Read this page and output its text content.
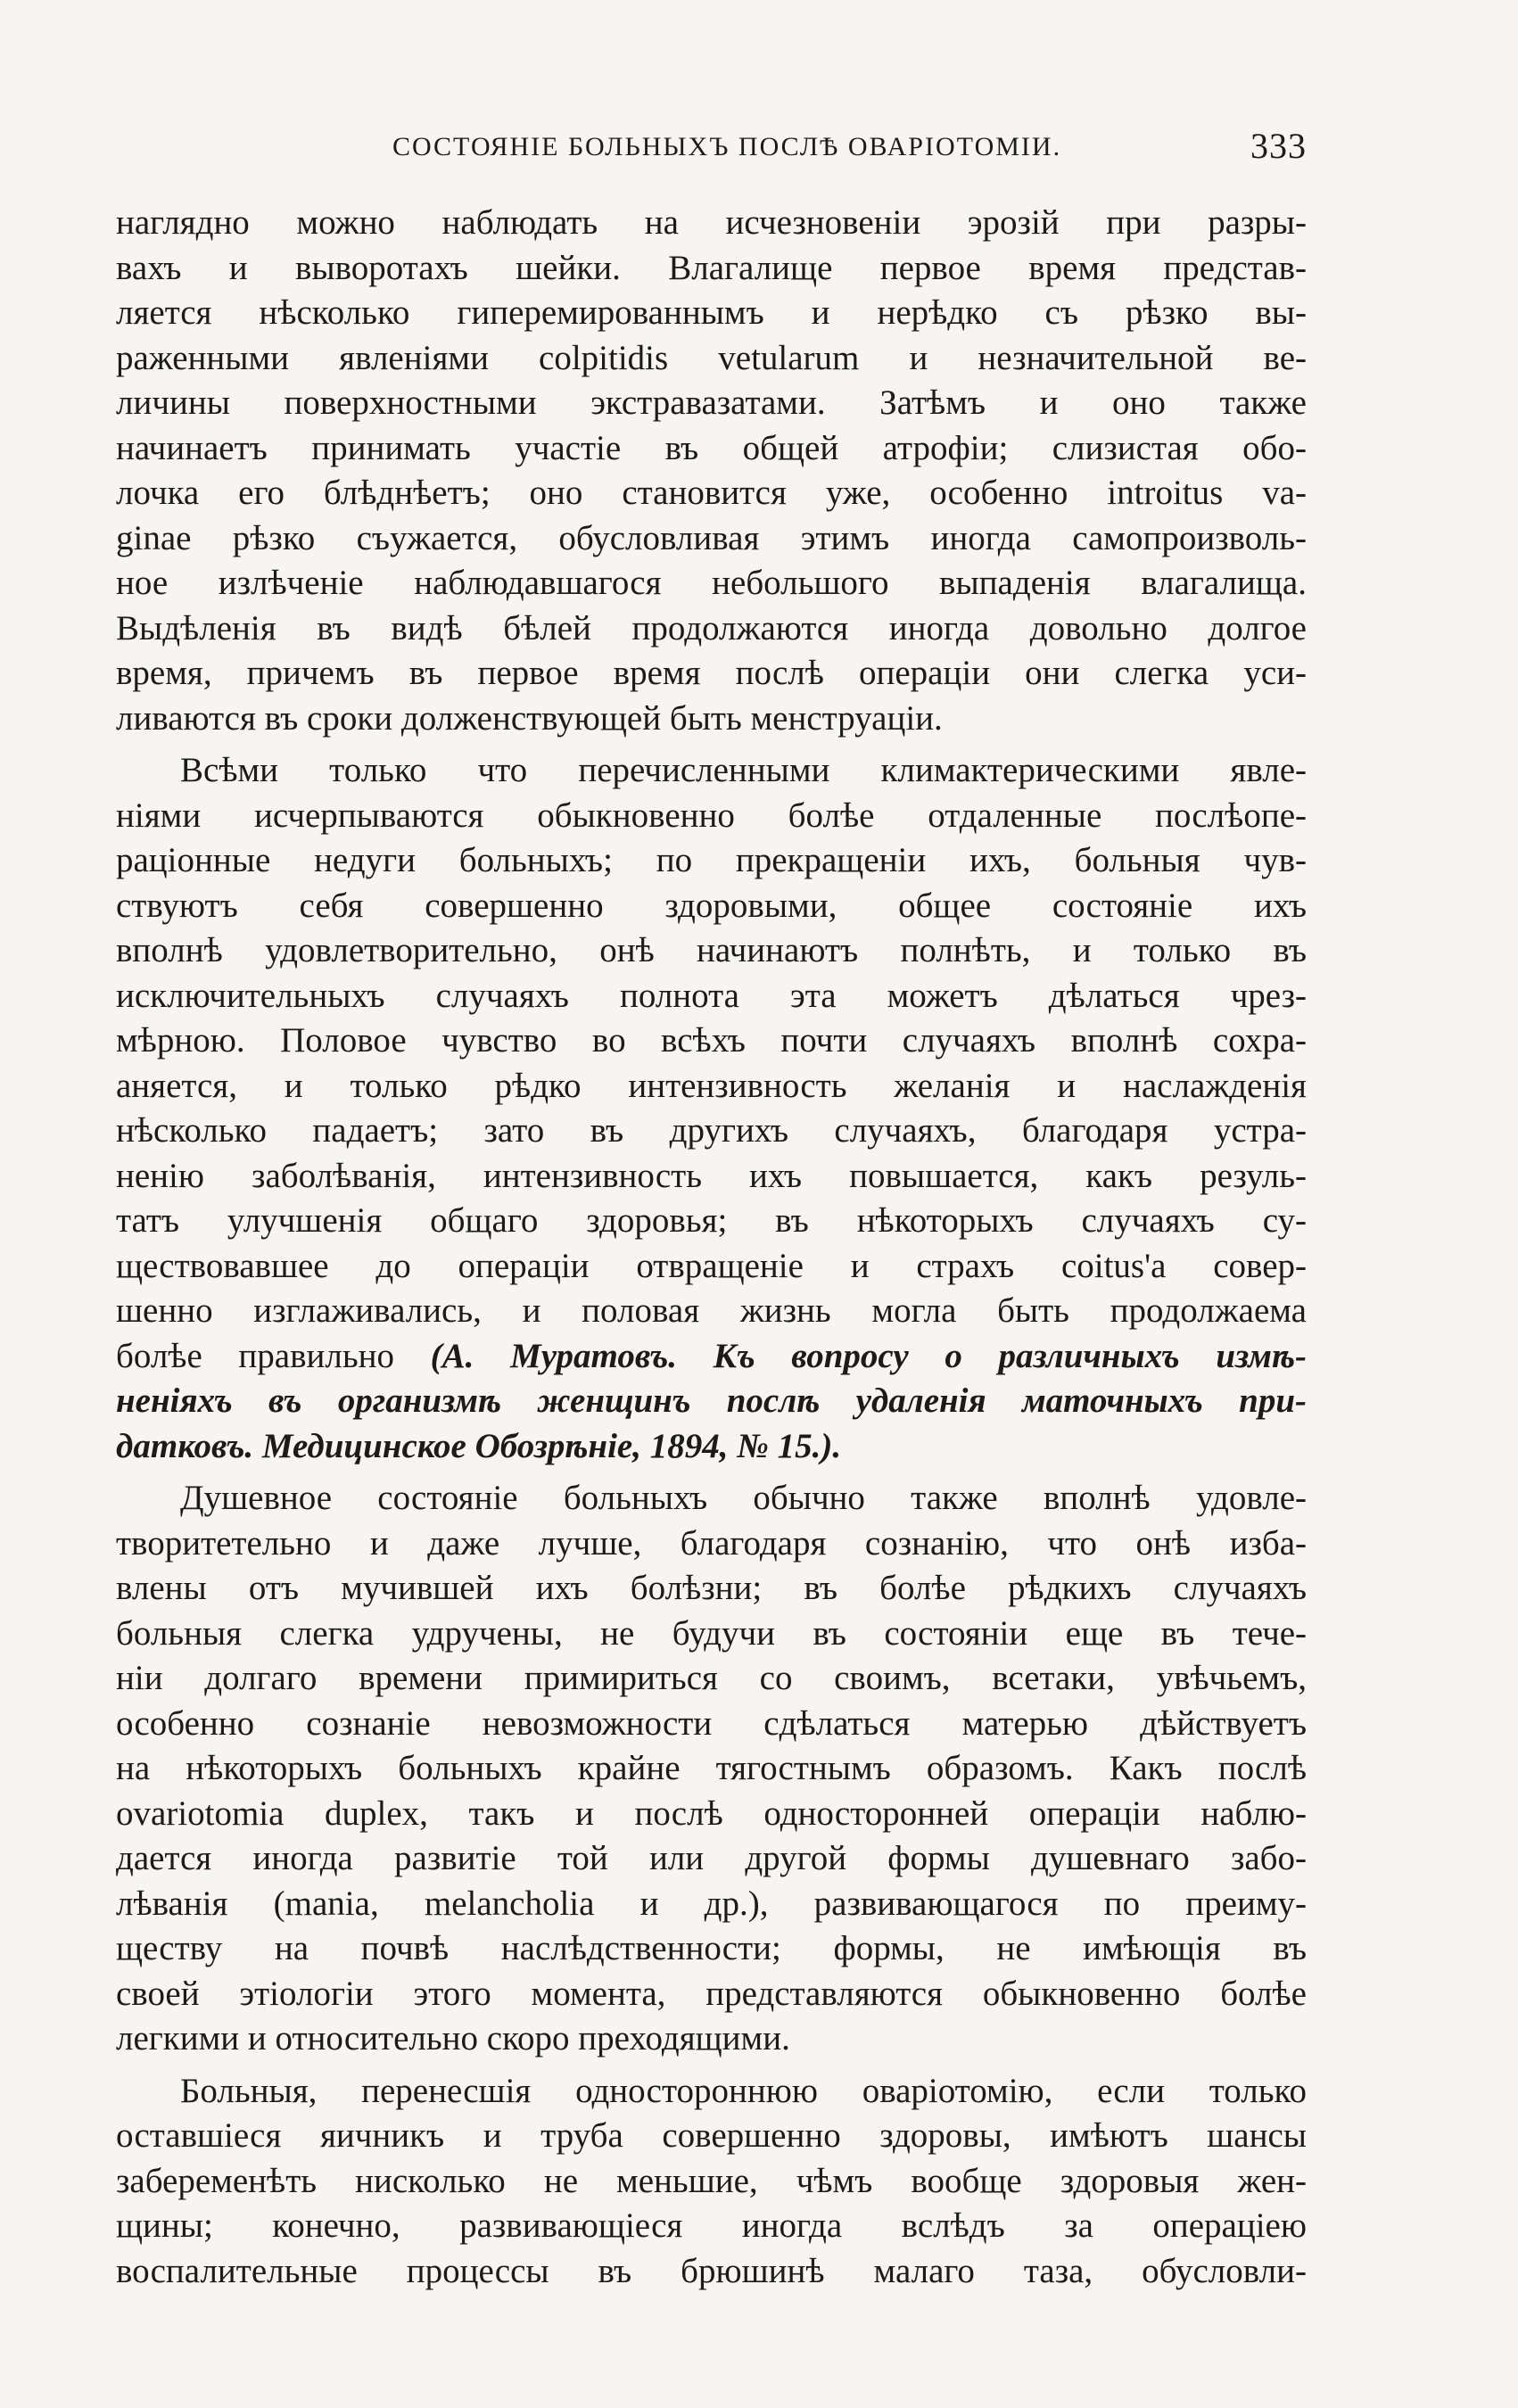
СОСТОЯНІЕ БОЛЬНЫХЪ ПОСЛѢ ОВАРІОТОМІИ.	333

наглядно можно наблюдать на исчезновенiи эрозiй при разры-
вахъ и выворотахъ шейки. Влагалище первое время представ-
ляется нѣсколько гиперемированнымъ и нерѣдко съ рѣзко вы-
раженными явленiями colpitidis vetularum и незначительной ве-
личины поверхностными экстравазатами. Затѣмъ и оно также
начинаетъ принимать участiе въ общей атрофiи; слизистая обо-
лочка его блѣднѣетъ; оно становится уже, особенно introitus va-
ginae рѣзко съужается, обусловливая этимъ иногда самопроизволь-
ное излѣченiе наблюдавшагося небольшого выпаденiя влагалища.
Выдѣленiя въ видѣ бѣлей продолжаются иногда довольно долгое
время, причемъ въ первое время послѣ операцiи они слегка уси-
ливаются въ сроки долженствующей быть менструацiи.

Всѣми только что перечисленными климактерическими явле-
нiями исчерпываются обыкновенно болѣе отдаленные послѣопе-
рацiонные недуги больныхъ; по прекращенiи ихъ, больныя чув-
ствуютъ себя совершенно здоровыми, общее состоянiе ихъ
вполнѣ удовлетворительно, онѣ начинаютъ полнѣть, и только въ
исключительныхъ случаяхъ полнота эта можетъ дѣлаться чрез-
мѣрною. Половое чувство во всѣхъ почти случаяхъ вполнѣ сохра-
аняется, и только рѣдко интензивность желанiя и наслажденiя
нѣсколько падаетъ; зато въ другихъ случаяхъ, благодаря устра-
ненiю заболѣванiя, интензивность ихъ повышается, какъ резуль-
татъ улучшенiя общаго здоровья; въ нѣкоторыхъ случаяхъ су-
ществовавшее до операцiи отвращенiе и страхъ coitus'a совер-
шенно изглаживались, и половая жизнь могла быть продолжаема
болѣе правильно (А. Муратовъ. Къ вопросу о различныхъ измѣ-
ненiяхъ въ организмѣ женщинъ послѣ удаленiя маточныхъ при-
датковъ. Медицинское Обозрѣнiе, 1894, № 15.).

Душевное состоянiе больныхъ обычно также вполнѣ удовле-
творитетельно и даже лучше, благодаря сознанiю, что онѣ изба-
влены отъ мучившей ихъ болѣзни; въ болѣе рѣдкихъ случаяхъ
больныя слегка удручены, не будучи въ состоянiи еще въ тече-
нiи долгаго времени примириться со своимъ, всетаки, увѣчьемъ,
особенно сознанiе невозможности сдѣлаться матерью дѣйствуетъ
на нѣкоторыхъ больныхъ крайне тягостнымъ образомъ. Какъ послѣ
ovariotomia duplex, такъ и послѣ односторонней операцiи наблю-
дается иногда развитiе той или другой формы душевнаго забо-
лѣванiя (mania, melancholia и др.), развивающагося по преиму-
ществу на почвѣ наслѣдственности; формы, не имѣющiя въ
своей этiологiи этого момента, представляются обыкновенно болѣе
легкими и относительно скоро преходящими.

Больныя, перенесшiя одностороннюю оварiотомiю, если только
оставшiеся яичникъ и труба совершенно здоровы, имѣютъ шансы
забеременѣть нисколько не меньшие, чѣмъ вообще здоровыя жен-
щины; конечно, развивающiеся иногда вслѣдъ за операцiею
воспалительные процессы въ брюшинѣ малаго таза, обусловли-
